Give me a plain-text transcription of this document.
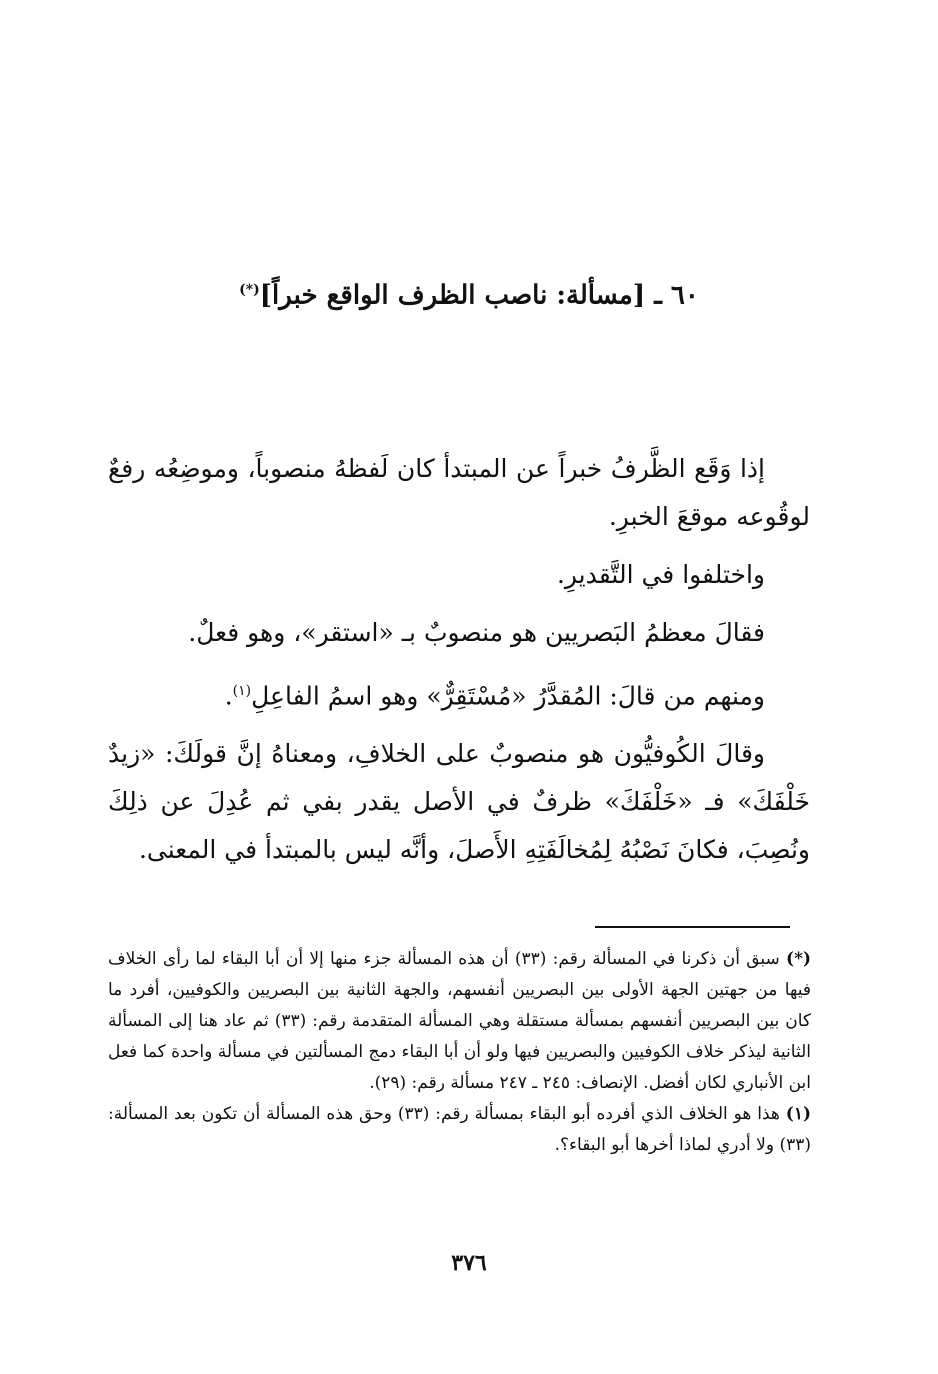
٦٠ ـ [مسألة: ناصب الظرف الواقع خبراً](*)

إذا وَقَع الظَّرفُ خبراً عن المبتدأ كان لَفظهُ منصوباً، وموضِعُه رفعٌ لوقُوعه موقعَ الخبرِ.

واختلفوا في التَّقديرِ.

فقالَ معظمُ البَصريين هو منصوبٌ بـ «استقر»، وهو فعلٌ.

ومنهم من قالَ: المُقدَّرُ «مُسْتَقِرٌّ» وهو اسمُ الفاعِلِ$^{(١)}$.

وقالَ الكُوفيُّون هو منصوبٌ على الخلافِ، ومعناهُ إنَّ قولَكَ: «زيدٌ خَلْفَكَ» فـ «خَلْفَكَ» ظرفٌ في الأصل يقدر بفي ثم عُدِلَ عن ذلِكَ ونُصِبَ، فكانَ نَصْبُهُ لِمُخالَفَتِهِ الأَصلَ، وأنَّه ليس بالمبتدأ في المعنى.

(*) سبق أن ذكرنا في المسألة رقم: (٣٣) أن هذه المسألة جزء منها إلا أن أبا البقاء لما رأى الخلاف فيها من جهتين الجهة الأولى بين البصريين أنفسهم، والجهة الثانية بين البصريين والكوفيين، أفرد ما كان بين البصريين أنفسهم بمسألة مستقلة وهي المسألة المتقدمة رقم: (٣٣) ثم عاد هنا إلى المسألة الثانية ليذكر خلاف الكوفيين والبصريين فيها ولو أن أبا البقاء دمج المسألتين في مسألة واحدة كما فعل ابن الأنباري لكان أفضل. الإنصاف: ٢٤٥ ـ ٢٤٧ مسألة رقم: (٢٩).

(١) هذا هو الخلاف الذي أفرده أبو البقاء بمسألة رقم: (٣٣) وحق هذه المسألة أن تكون بعد المسألة: (٣٣) ولا أدري لماذا أخرها أبو البقاء؟.

٣٧٦
